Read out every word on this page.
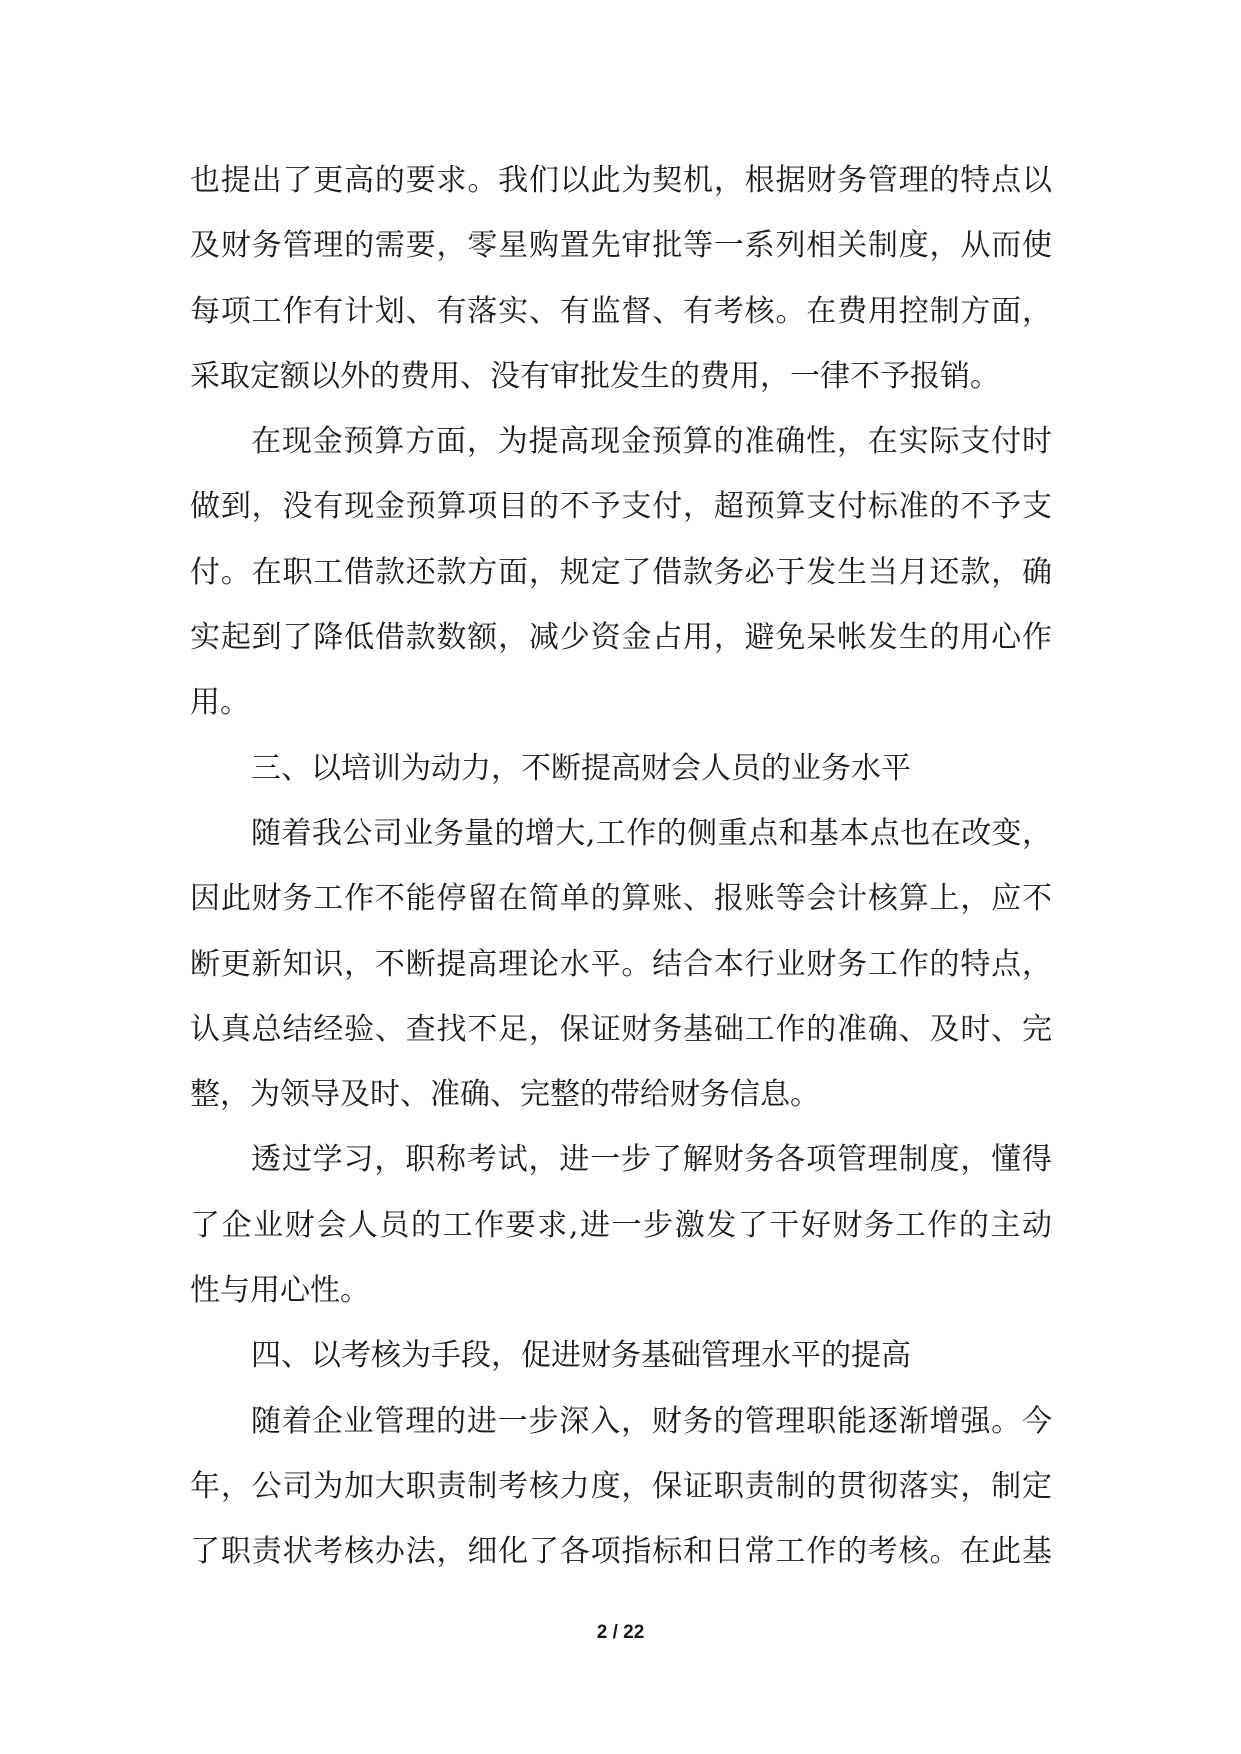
也提出了更高的要求。我们以此为契机，根据财务管理的特点以
及财务管理的需要，零星购置先审批等一系列相关制度，从而使
每项工作有计划、有落实、有监督、有考核。在费用控制方面，
采取定额以外的费用、没有审批发生的费用，一律不予报销。
在现金预算方面，为提高现金预算的准确性，在实际支付时
做到，没有现金预算项目的不予支付，超预算支付标准的不予支
付。在职工借款还款方面，规定了借款务必于发生当月还款，确
实起到了降低借款数额，减少资金占用，避免呆帐发生的用心作
用。
三、以培训为动力，不断提高财会人员的业务水平
随着我公司业务量的增大,工作的侧重点和基本点也在改变，
因此财务工作不能停留在简单的算账、报账等会计核算上，应不
断更新知识，不断提高理论水平。结合本行业财务工作的特点，
认真总结经验、查找不足，保证财务基础工作的准确、及时、完
整，为领导及时、准确、完整的带给财务信息。
透过学习，职称考试，进一步了解财务各项管理制度，懂得
了企业财会人员的工作要求,进一步激发了干好财务工作的主动
性与用心性。
四、以考核为手段，促进财务基础管理水平的提高
随着企业管理的进一步深入，财务的管理职能逐渐增强。今
年，公司为加大职责制考核力度，保证职责制的贯彻落实，制定
了职责状考核办法，细化了各项指标和日常工作的考核。在此基
2 / 22
